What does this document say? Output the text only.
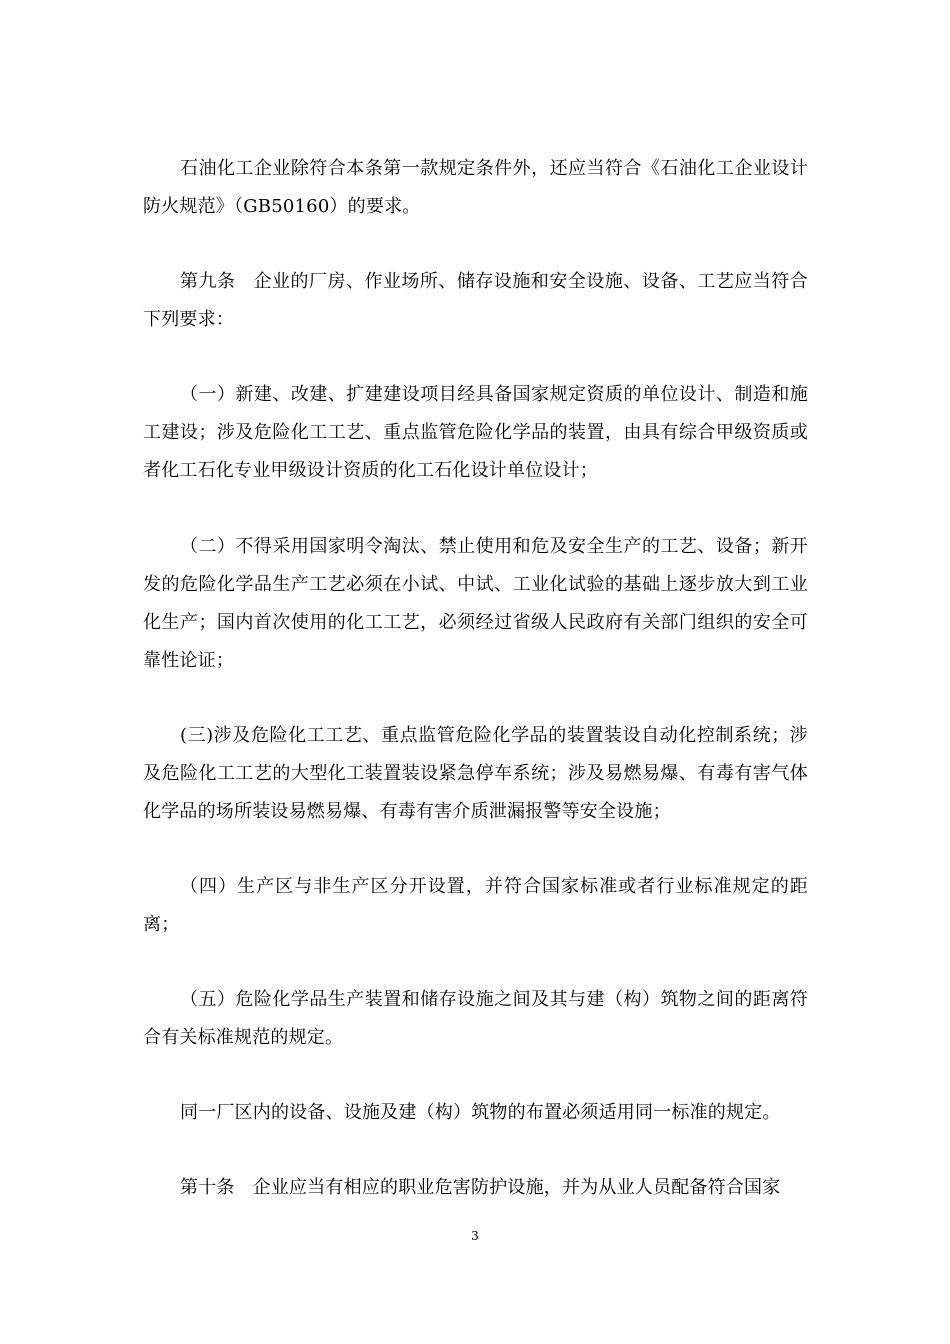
石油化工企业除符合本条第一款规定条件外，还应当符合《石油化工企业设计防火规范》（GB50160）的要求。

第九条 企业的厂房、作业场所、储存设施和安全设施、设备、工艺应当符合下列要求：

（一）新建、改建、扩建建设项目经具备国家规定资质的单位设计、制造和施工建设；涉及危险化工工艺、重点监管危险化学品的装置，由具有综合甲级资质或者化工石化专业甲级设计资质的化工石化设计单位设计；

（二）不得采用国家明令淘汰、禁止使用和危及安全生产的工艺、设备；新开发的危险化学品生产工艺必须在小试、中试、工业化试验的基础上逐步放大到工业化生产；国内首次使用的化工工艺，必须经过省级人民政府有关部门组织的安全可靠性论证；

(三)涉及危险化工工艺、重点监管危险化学品的装置装设自动化控制系统；涉及危险化工工艺的大型化工装置装设紧急停车系统；涉及易燃易爆、有毒有害气体化学品的场所装设易燃易爆、有毒有害介质泄漏报警等安全设施；

（四）生产区与非生产区分开设置，并符合国家标准或者行业标准规定的距离；

（五）危险化学品生产装置和储存设施之间及其与建（构）筑物之间的距离符合有关标准规范的规定。

同一厂区内的设备、设施及建（构）筑物的布置必须适用同一标准的规定。

第十条 企业应当有相应的职业危害防护设施，并为从业人员配备符合国家

3
